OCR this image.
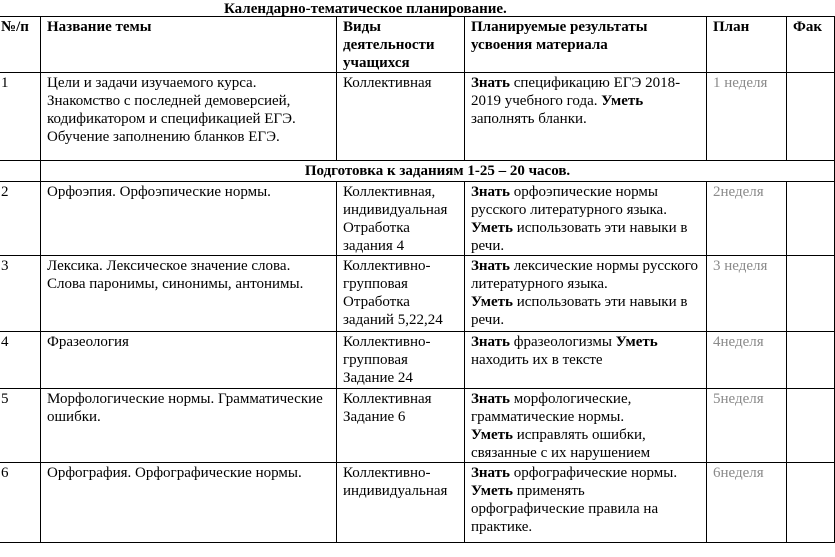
Календарно-тематическое планирование.
№/п	Название темы	Виды деятельности учащихся	Планируемые результаты усвоения материала	План	Фак
1	Цели и задачи изучаемого курса. Знакомство с последней демоверсией, кодификатором и спецификацией ЕГЭ. Обучение заполнению бланков ЕГЭ.	Коллективная	Знать спецификацию ЕГЭ 2018-2019 учебного года. Уметь заполнять бланки.	1 неделя	
	Подготовка к заданиям 1-25 – 20 часов.				
2	Орфоэпия. Орфоэпические нормы.	Коллективная, индивидуальная Отработка задания 4	Знать орфоэпические нормы русского литературного языка.
Уметь использовать эти навыки в речи.	2неделя	
3	Лексика. Лексическое значение слова. Слова паронимы, синонимы, антонимы.	Коллективно-групповая Отработка заданий 5,22,24	Знать лексические нормы русского литературного языка.
Уметь использовать эти навыки в речи.	3 неделя	
4	Фразеология	Коллективно-групповая Задание 24	Знать фразеологизмы Уметь находить их в тексте	4неделя	
5	Морфологические нормы. Грамматические ошибки.	Коллективная Задание 6	Знать морфологические, грамматические нормы.
Уметь исправлять ошибки, связанные с их нарушением	5неделя	
6	Орфография. Орфографические нормы.	Коллективно-индивидуальная	Знать орфографические нормы.
Уметь применять орфографические правила на практике.	6неделя	
